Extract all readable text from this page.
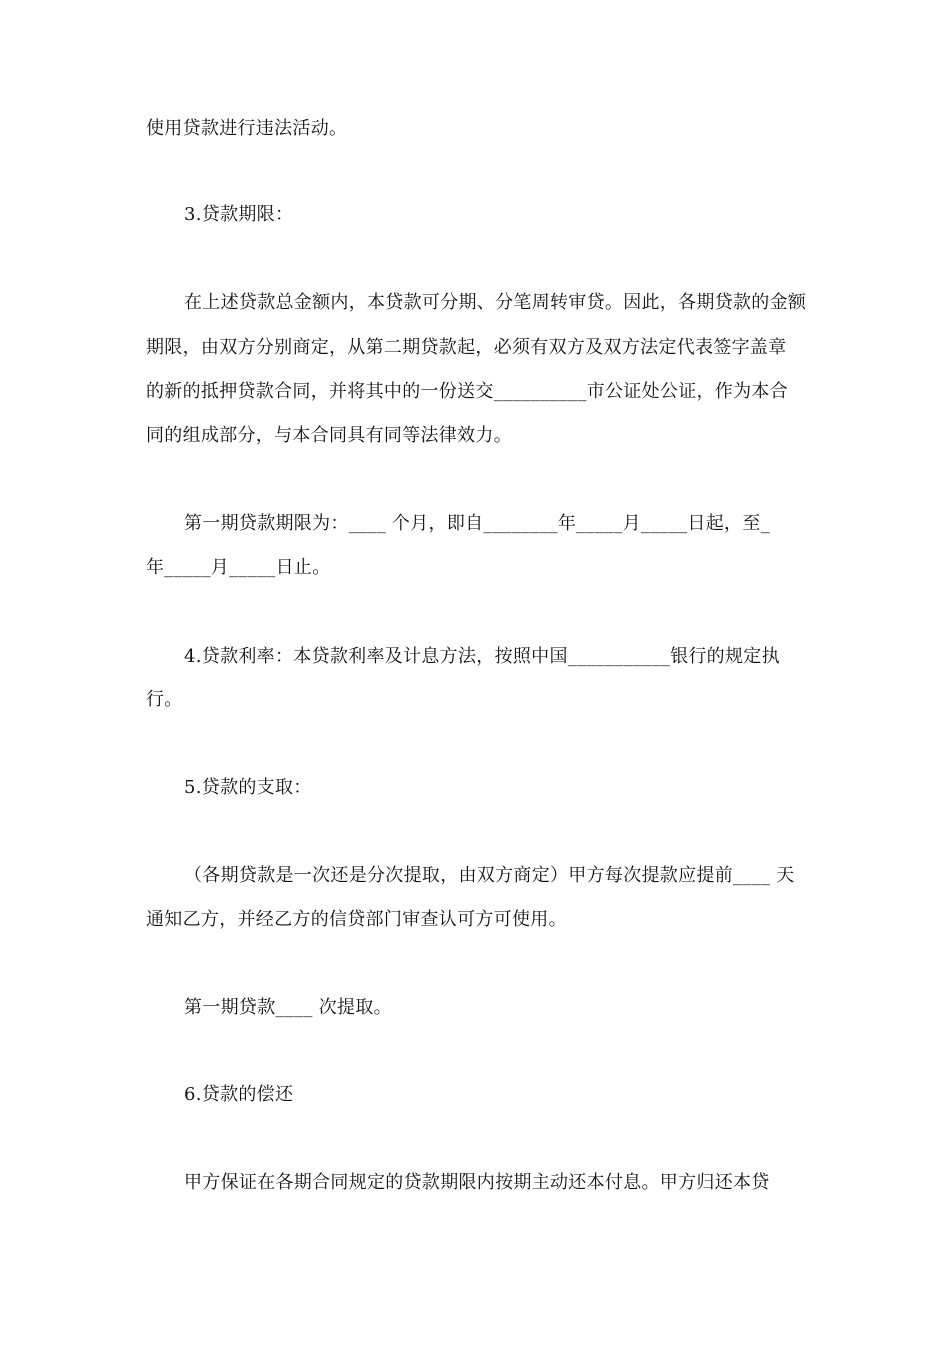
使用贷款进行违法活动。
3.贷款期限：
在上述贷款总金额内，本贷款可分期、分笔周转审贷。因此，各期贷款的金额
期限，由双方分别商定，从第二期贷款起，必须有双方及双方法定代表签字盖章
的新的抵押贷款合同，并将其中的一份送交__________市公证处公证，作为本合
同的组成部分，与本合同具有同等法律效力。
第一期贷款期限为：____ 个月，即自________年_____月_____日起，至_
年_____月_____日止。
4.贷款利率：本贷款利率及计息方法，按照中国___________银行的规定执
行。
5.贷款的支取：
（各期贷款是一次还是分次提取，由双方商定）甲方每次提款应提前____ 天
通知乙方，并经乙方的信贷部门审查认可方可使用。
第一期贷款____ 次提取。
6.贷款的偿还
甲方保证在各期合同规定的贷款期限内按期主动还本付息。甲方归还本贷
